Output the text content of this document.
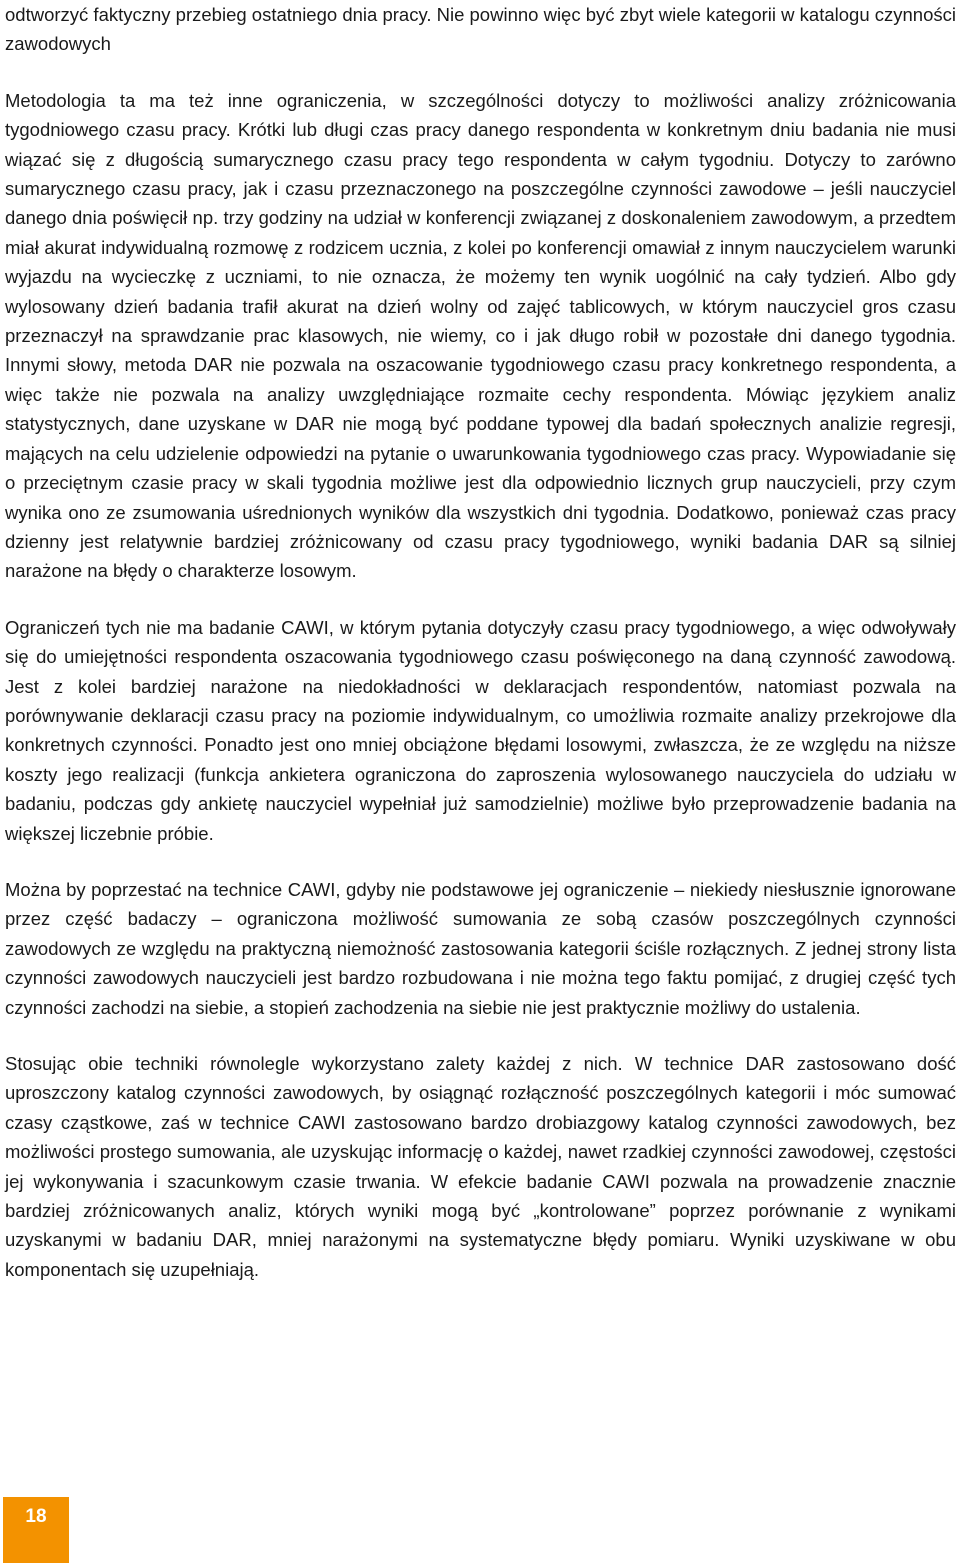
odtworzyć faktyczny przebieg ostatniego dnia pracy. Nie powinno więc być zbyt wiele kategorii w katalogu czynności zawodowych

Metodologia ta ma też inne ograniczenia, w szczególności dotyczy to możliwości analizy zróżnicowania tygodniowego czasu pracy. Krótki lub długi czas pracy danego respondenta w konkretnym dniu badania nie musi wiązać się z długością sumarycznego czasu pracy tego respondenta w całym tygodniu. Dotyczy to zarówno sumarycznego czasu pracy, jak i czasu przeznaczonego na poszczególne czynności zawodowe – jeśli nauczyciel danego dnia poświęcił np. trzy godziny na udział w konferencji związanej z doskonaleniem zawodowym, a przedtem miał akurat indywidualną rozmowę z rodzicem ucznia, z kolei po konferencji omawiał z innym nauczycielem warunki wyjazdu na wycieczkę z uczniami, to nie oznacza, że możemy ten wynik uogólnić na cały tydzień. Albo gdy wylosowany dzień badania trafił akurat na dzień wolny od zajęć tablicowych, w którym nauczyciel gros czasu przeznaczył na sprawdzanie prac klasowych, nie wiemy, co i jak długo robił w pozostałe dni danego tygodnia. Innymi słowy, metoda DAR nie pozwala na oszacowanie tygodniowego czasu pracy konkretnego respondenta, a więc także nie pozwala na analizy uwzględniające rozmaite cechy respondenta. Mówiąc językiem analiz statystycznych, dane uzyskane w DAR nie mogą być poddane typowej dla badań społecznych analizie regresji, mających na celu udzielenie odpowiedzi na pytanie o uwarunkowania tygodniowego czas pracy. Wypowiadanie się o przeciętnym czasie pracy w skali tygodnia możliwe jest dla odpowiednio licznych grup nauczycieli, przy czym wynika ono ze zsumowania uśrednionych wyników dla wszystkich dni tygodnia. Dodatkowo, ponieważ czas pracy dzienny jest relatywnie bardziej zróżnicowany od czasu pracy tygodniowego, wyniki badania DAR są silniej narażone na błędy o charakterze losowym.

Ograniczeń tych nie ma badanie CAWI, w którym pytania dotyczyły czasu pracy tygodniowego, a więc odwoływały się do umiejętności respondenta oszacowania tygodniowego czasu poświęconego na daną czynność zawodową. Jest z kolei bardziej narażone na niedokładności w deklaracjach respondentów, natomiast pozwala na porównywanie deklaracji czasu pracy na poziomie indywidualnym, co umożliwia rozmaite analizy przekrojowe dla konkretnych czynności. Ponadto jest ono mniej obciążone błędami losowymi, zwłaszcza, że ze względu na niższe koszty jego realizacji (funkcja ankietera ograniczona do zaproszenia wylosowanego nauczyciela do udziału w badaniu, podczas gdy ankietę nauczyciel wypełniał już samodzielnie) możliwe było przeprowadzenie badania na większej liczebnie próbie.

Można by poprzestać na technice CAWI, gdyby nie podstawowe jej ograniczenie – niekiedy niesłusznie ignorowane przez część badaczy – ograniczona możliwość sumowania ze sobą czasów poszczególnych czynności zawodowych ze względu na praktyczną niemożność zastosowania kategorii ściśle rozłącznych. Z jednej strony lista czynności zawodowych nauczycieli jest bardzo rozbudowana i nie można tego faktu pomijać, z drugiej część tych czynności zachodzi na siebie, a stopień zachodzenia na siebie nie jest praktycznie możliwy do ustalenia.

Stosując obie techniki równolegle wykorzystano zalety każdej z nich. W technice DAR zastosowano dość uproszczony katalog czynności zawodowych, by osiągnąć rozłączność poszczególnych kategorii i móc sumować czasy cząstkowe, zaś w technice CAWI zastosowano bardzo drobiazgowy katalog czynności zawodowych, bez możliwości prostego sumowania, ale uzyskując informację o każdej, nawet rzadkiej czynności zawodowej, częstości jej wykonywania i szacunkowym czasie trwania. W efekcie badanie CAWI pozwala na prowadzenie znacznie bardziej zróżnicowanych analiz, których wyniki mogą być „kontrolowane” poprzez porównanie z wynikami uzyskanymi w badaniu DAR, mniej narażonymi na systematyczne błędy pomiaru. Wyniki uzyskiwane w obu komponentach się uzupełniają.

18
